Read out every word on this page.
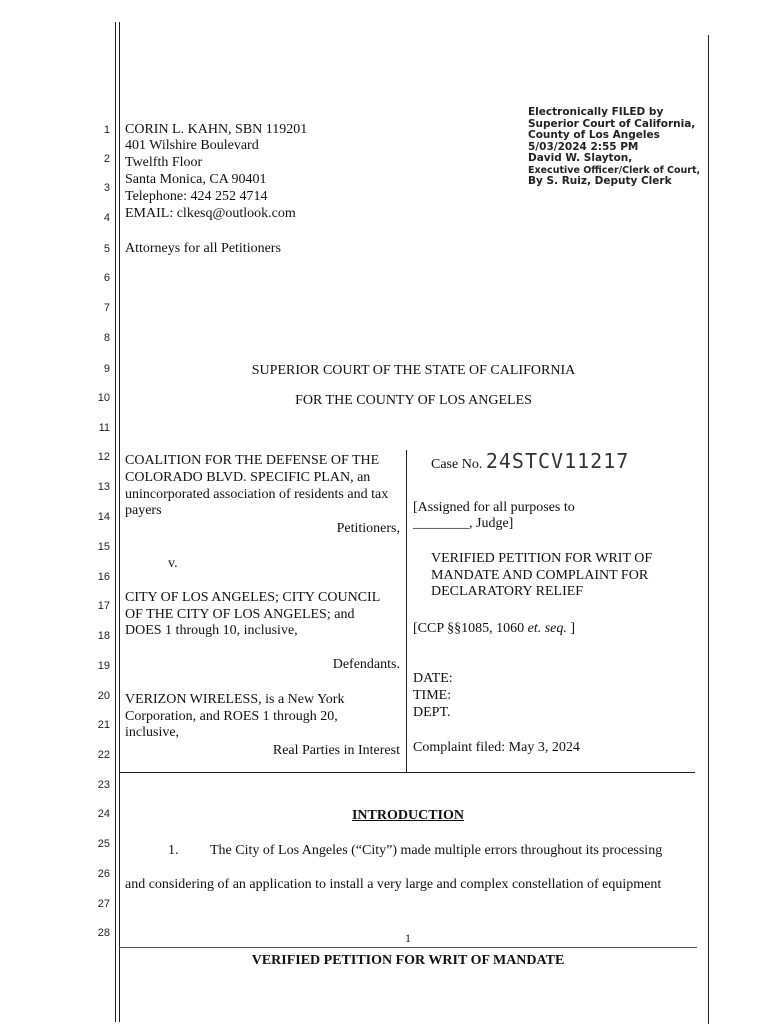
1
2
3
4
5
6
7
8
9
10
11
12
13
14
15
16
17
18
19
20
21
22
23
24
25
26
27
28
CORIN L. KAHN, SBN 119201
401 Wilshire Boulevard
Twelfth Floor
Santa Monica, CA 90401
Telephone: 424 252 4714
EMAIL: clkesq@outlook.com
Attorneys for all Petitioners
Electronically FILED by
Superior Court of California,
County of Los Angeles
5/03/2024 2:55 PM
David W. Slayton,
Executive Officer/Clerk of Court,
By S. Ruiz, Deputy Clerk
SUPERIOR COURT OF THE STATE OF CALIFORNIA
FOR THE COUNTY OF LOS ANGELES
COALITION FOR THE DEFENSE OF THE
COLORADO BLVD. SPECIFIC PLAN, an
unincorporated association of residents and tax
payers
Petitioners,
v.
CITY OF LOS ANGELES; CITY COUNCIL
OF THE CITY OF LOS ANGELES; and
DOES 1 through 10, inclusive,
Defendants.
VERIZON WIRELESS, is a New York
Corporation, and ROES 1 through 20,
inclusive,
Real Parties in Interest
Case No. 24STCV11217
[Assigned for all purposes to
________, Judge]
VERIFIED PETITION FOR WRIT OF
MANDATE AND COMPLAINT FOR
DECLARATORY RELIEF
[CCP §§1085, 1060 et. seq. ]
DATE:
TIME:
DEPT.
Complaint filed: May 3, 2024
INTRODUCTION
1. The City of Los Angeles (“City”) made multiple errors throughout its processing
and considering of an application to install a very large and complex constellation of equipment
1
VERIFIED PETITION FOR WRIT OF MANDATE
